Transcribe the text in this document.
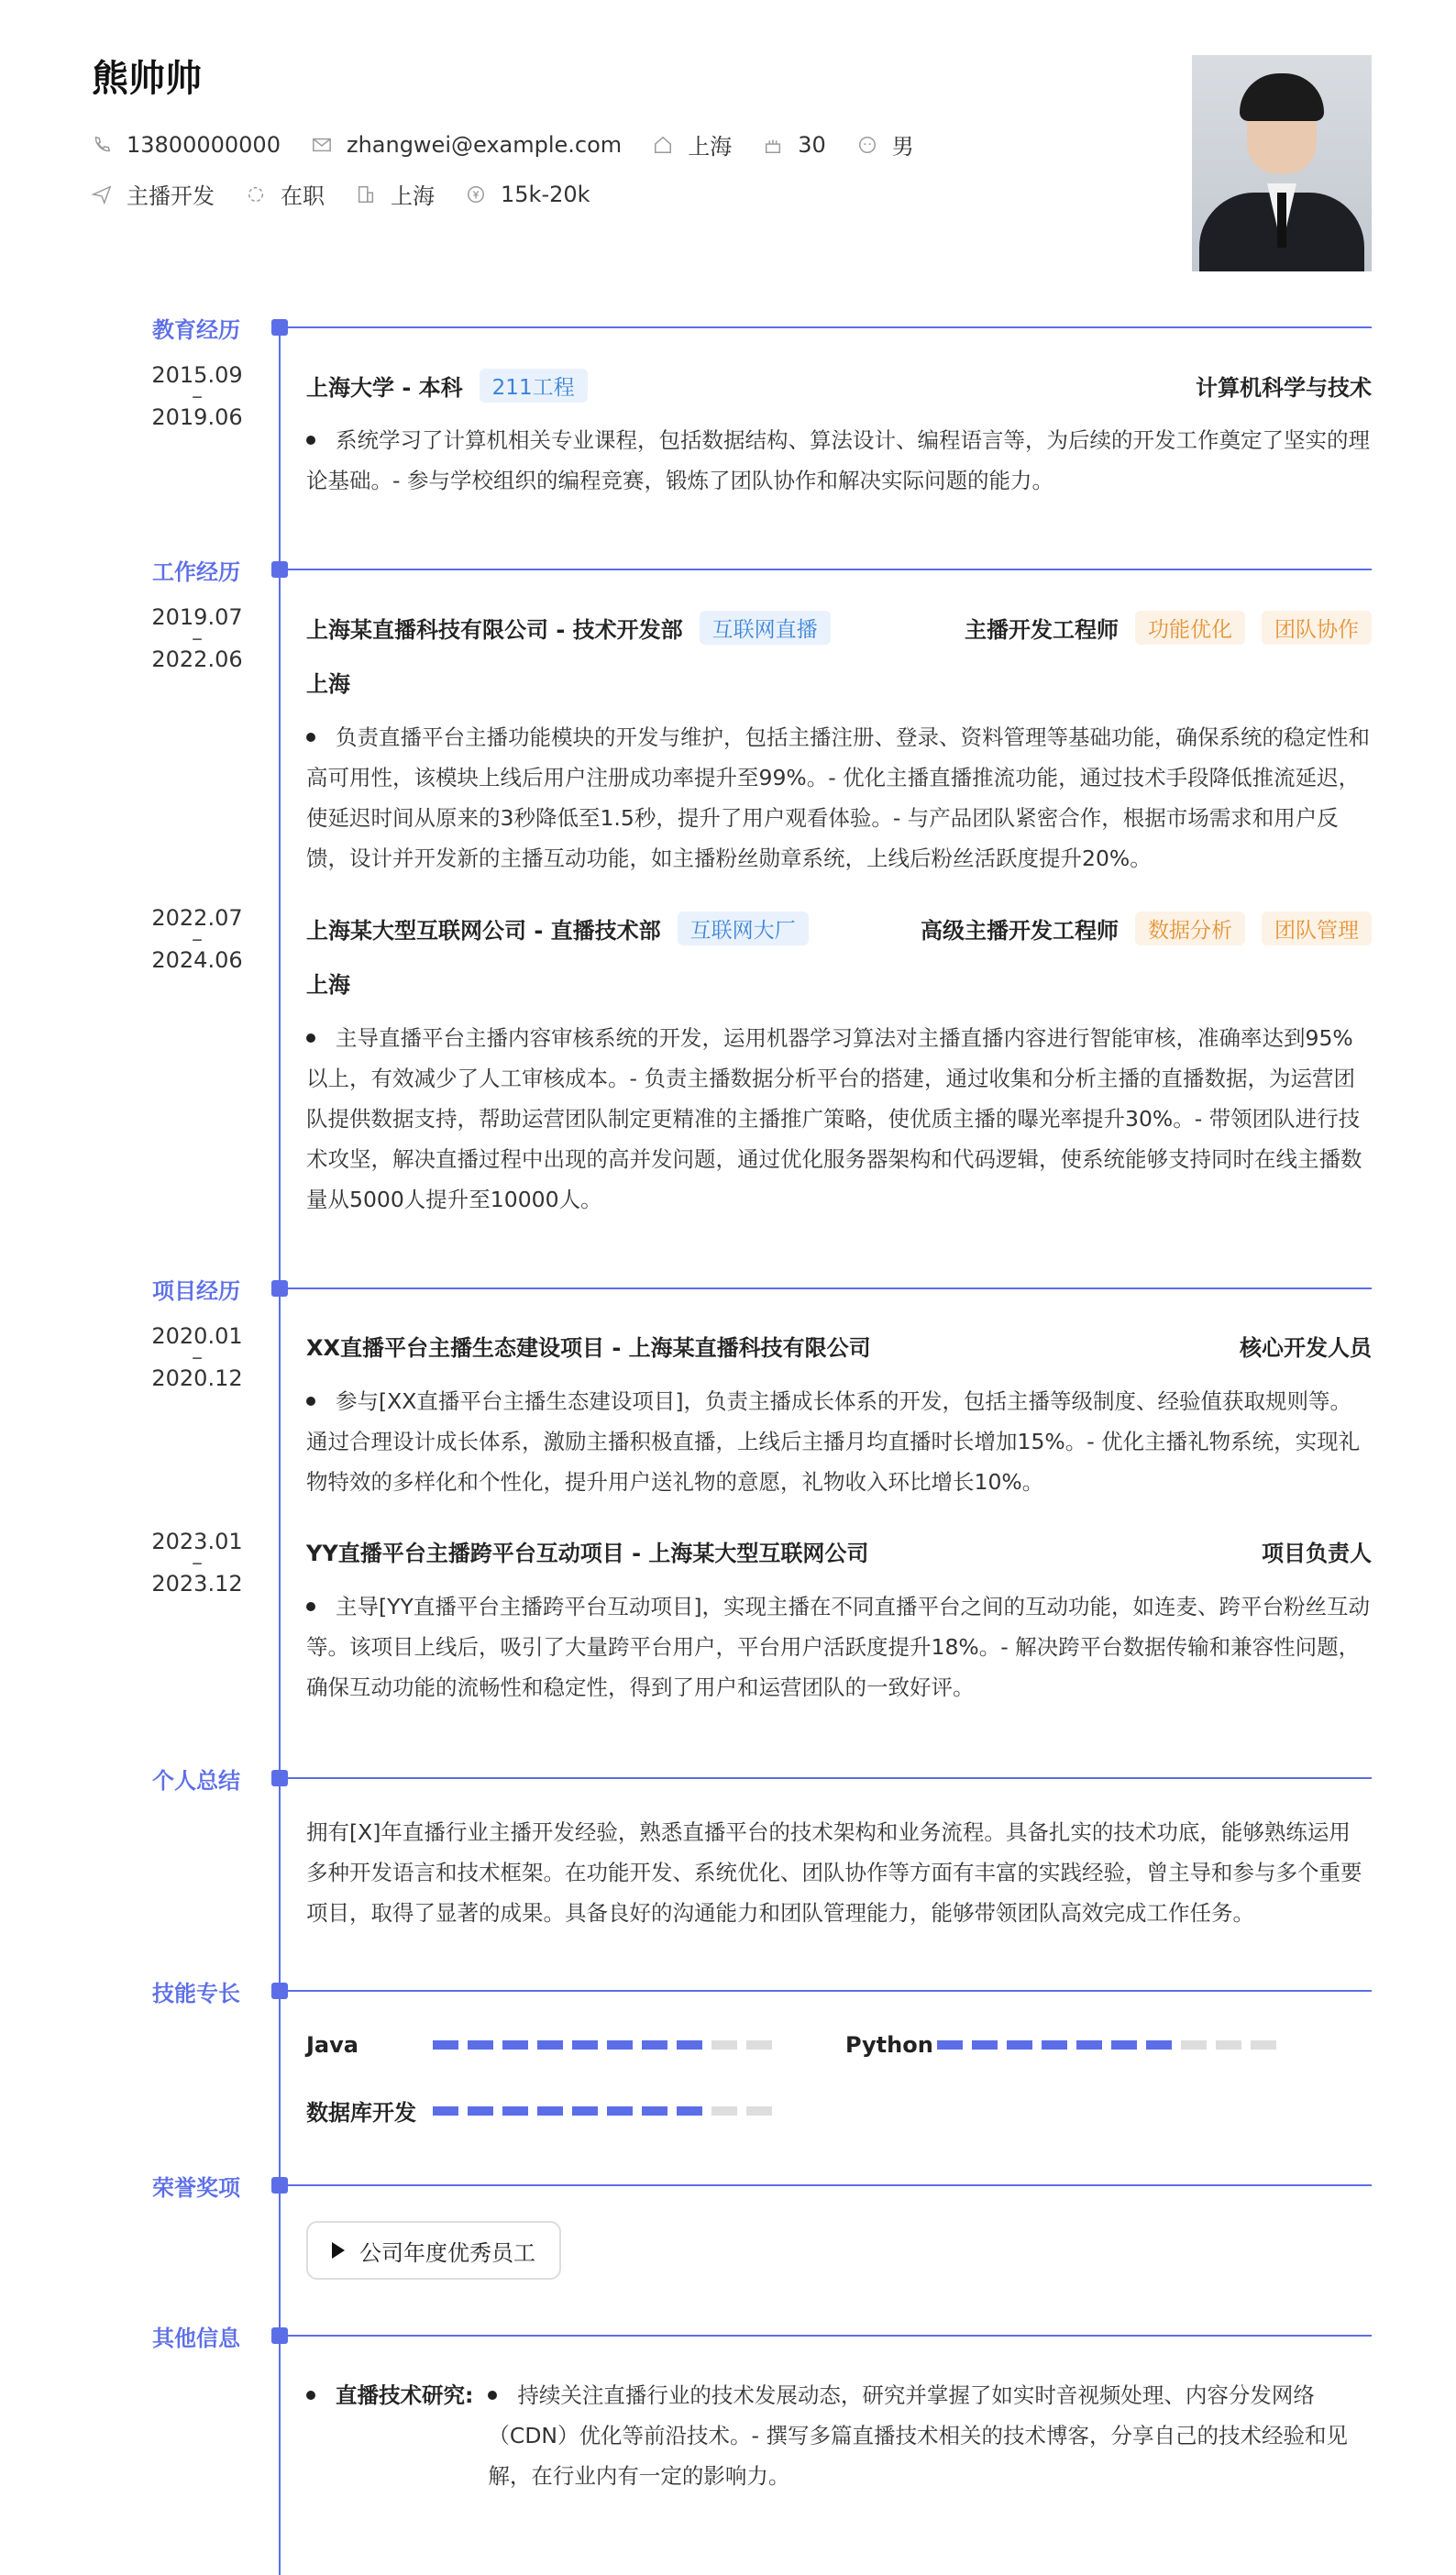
熊帅帅
13800000000	zhangwei@example.com	上海	30	男
主播开发	在职	上海	15k-20k
教育经历
2015.09
–
2019.06
上海大学 - 本科	211工程	计算机科学与技术
系统学习了计算机相关专业课程，包括数据结构、算法设计、编程语言等，为后续的开发工作奠定了坚实的理论基础。- 参与学校组织的编程竞赛，锻炼了团队协作和解决实际问题的能力。
工作经历
2019.07
–
2022.06
上海某直播科技有限公司 - 技术开发部	互联网直播	主播开发工程师	功能优化	团队协作
上海
负责直播平台主播功能模块的开发与维护，包括主播注册、登录、资料管理等基础功能，确保系统的稳定性和高可用性，该模块上线后用户注册成功率提升至99%。- 优化主播直播推流功能，通过技术手段降低推流延迟，使延迟时间从原来的3秒降低至1.5秒，提升了用户观看体验。- 与产品团队紧密合作，根据市场需求和用户反馈，设计并开发新的主播互动功能，如主播粉丝勋章系统，上线后粉丝活跃度提升20%。
2022.07
–
2024.06
上海某大型互联网公司 - 直播技术部	互联网大厂	高级主播开发工程师	数据分析	团队管理
上海
主导直播平台主播内容审核系统的开发，运用机器学习算法对主播直播内容进行智能审核，准确率达到95%以上，有效减少了人工审核成本。- 负责主播数据分析平台的搭建，通过收集和分析主播的直播数据，为运营团队提供数据支持，帮助运营团队制定更精准的主播推广策略，使优质主播的曝光率提升30%。- 带领团队进行技术攻坚，解决直播过程中出现的高并发问题，通过优化服务器架构和代码逻辑，使系统能够支持同时在线主播数量从5000人提升至10000人。
项目经历
2020.01
–
2020.12
XX直播平台主播生态建设项目 - 上海某直播科技有限公司	核心开发人员
参与[XX直播平台主播生态建设项目]，负责主播成长体系的开发，包括主播等级制度、经验值获取规则等。通过合理设计成长体系，激励主播积极直播，上线后主播月均直播时长增加15%。- 优化主播礼物系统，实现礼物特效的多样化和个性化，提升用户送礼物的意愿，礼物收入环比增长10%。
2023.01
–
2023.12
YY直播平台主播跨平台互动项目 - 上海某大型互联网公司	项目负责人
主导[YY直播平台主播跨平台互动项目]，实现主播在不同直播平台之间的互动功能，如连麦、跨平台粉丝互动等。该项目上线后，吸引了大量跨平台用户，平台用户活跃度提升18%。- 解决跨平台数据传输和兼容性问题，确保互动功能的流畅性和稳定性，得到了用户和运营团队的一致好评。
个人总结
拥有[X]年直播行业主播开发经验，熟悉直播平台的技术架构和业务流程。具备扎实的技术功底，能够熟练运用多种开发语言和技术框架。在功能开发、系统优化、团队协作等方面有丰富的实践经验，曾主导和参与多个重要项目，取得了显著的成果。具备良好的沟通能力和团队管理能力，能够带领团队高效完成工作任务。
技能专长
Java	Python
数据库开发
荣誉奖项
公司年度优秀员工
其他信息
直播技术研究:	持续关注直播行业的技术发展动态，研究并掌握了如实时音视频处理、内容分发网络（CDN）优化等前沿技术。- 撰写多篇直播技术相关的技术博客，分享自己的技术经验和见解，在行业内有一定的影响力。
